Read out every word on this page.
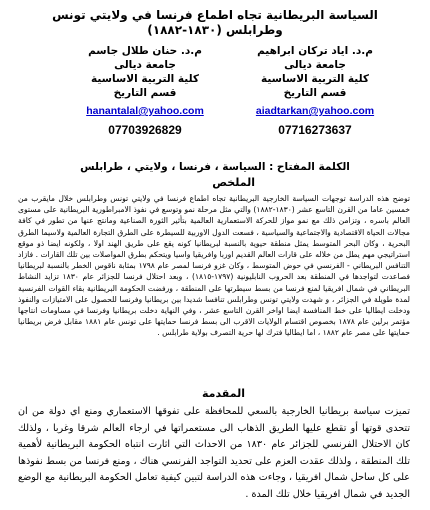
السياسة البريطانية تجاه اطماع فرنسا في ولايتي تونس وطرابلس (١٨٣٠-١٨٨٢)
م.د. اياد تركان ابراهيم
جامعة ديالى
كلية التربية الاساسية
قسم التاريخ
aiadtarkan@yahoo.com
07716273637
م.د. حنان طلال جاسم
جامعة ديالى
كلية التربية الاساسية
قسم التاريخ
hanantalal@yahoo.com
07703926829
الكلمة المفتاح : السياسة ، فرنسا ، ولايتي ، طرابلس
الملخص
توضح هذه الدراسة توجهات السياسة الخارجية البريطانية تجاه اطماع فرنسا في ولايتي تونس وطرابلس خلال مايقرب من خمسين عاما من القرن التاسع عشر (١٨٣٠-١٨٨٢) والتي مثل مرحلة نمو وتوسع في نفوذ الامبراطورية البريطانية على مستوى العالم باسره ، وتزامن ذلك مع نمو مواز للحركة الاستعمارية العالمية بتأثير الثورة الصناعية ومانتج عنها من تطور في كافة مجالات الحياة الاقتصادية والاجتماعية والسياسية ، فسعت الدول الاوربية للسيطرة على الطرق التجارة العالمية ولاسيما الطرق البحرية ، وكان البحر المتوسط يمثل منطقة حيوية بالنسبة لبريطانيا كونه يقع على طريق الهند اولا ، ولكونه ايضا ذو موقع استراتيجي مهم يطل من خلاله على قارات العالم القديم اوربا وافريقيا واسيا ويتحكم بطرق المواصلات بين تلك القارات . فازاد التنافس البريطاني - الفرنسي في حوض المتوسط ، وكان غزو فرنسا لمصر عام ١٧٩٨ بمثابة ناقوس الخطر بالنسبة لبريطانيا فصاعدت لتواجدها في المنطقة بعد الحروب النابليونية (١٧٩٧-١٨١٥) ، وبعد احتلال فرنسا للجزائر عام ١٨٣٠ تزايد النشاط البريطاني في شمال افريقيا لمنع فرنسا من بسط سيطرتها على المنطقة ، ورفضت الحكومة البريطانية بقاء القوات الفرنسية لمدة طويلة في الجزائر ، و شهدت ولايتي تونس وطرابلس تنافسا شديدا بين بريطانيا وفرنسا للحصول على الامتيازات والنفوذ ودخلت ايطاليا على خط المنافسة ايضا اواخر القرن التاسع عشر ، وفي النهاية دخلت بريطانيا وفرنسا في مساومات انتاجها مؤتمر برلين عام ١٨٧٨ بخصوص اقتسام الولايات الاقرب الى بسط فرنسا حمايتها على تونس عام ١٨٨١ مقابل فرض بريطانيا حمايتها على مصر عام ١٨٨٢ ، اما ايطاليا فترك لها حرية التصرف بولاية طرابلس .
المقدمة
تميزت سياسة بريطانيا الخارجية بالسعي للمحافظة على تفوقها الاستعماري ومنع اي دولة من ان تتحدى قوتها أو تقطع عليها الطريق الذهاب الى مستعمراتها في ارجاء العالم شرقا وغربا ، ولذلك كان الاحتلال الفرنسي للجزائر عام ١٨٣٠ من الاحداث التي اثارت انتباه الحكومة البريطانية لأهمية تلك المنطقة ، ولذلك عقدت العزم على تحديد التواجد الفرنسي هناك ، ومنع فرنسا من بسط نفوذها على كل ساحل شمال افريقيا ، وجاءت هذه الدراسة لتبين كيفية تعامل الحكومة البريطانية مع الوضع الجديد في شمال افريقيا خلال تلك المدة .
